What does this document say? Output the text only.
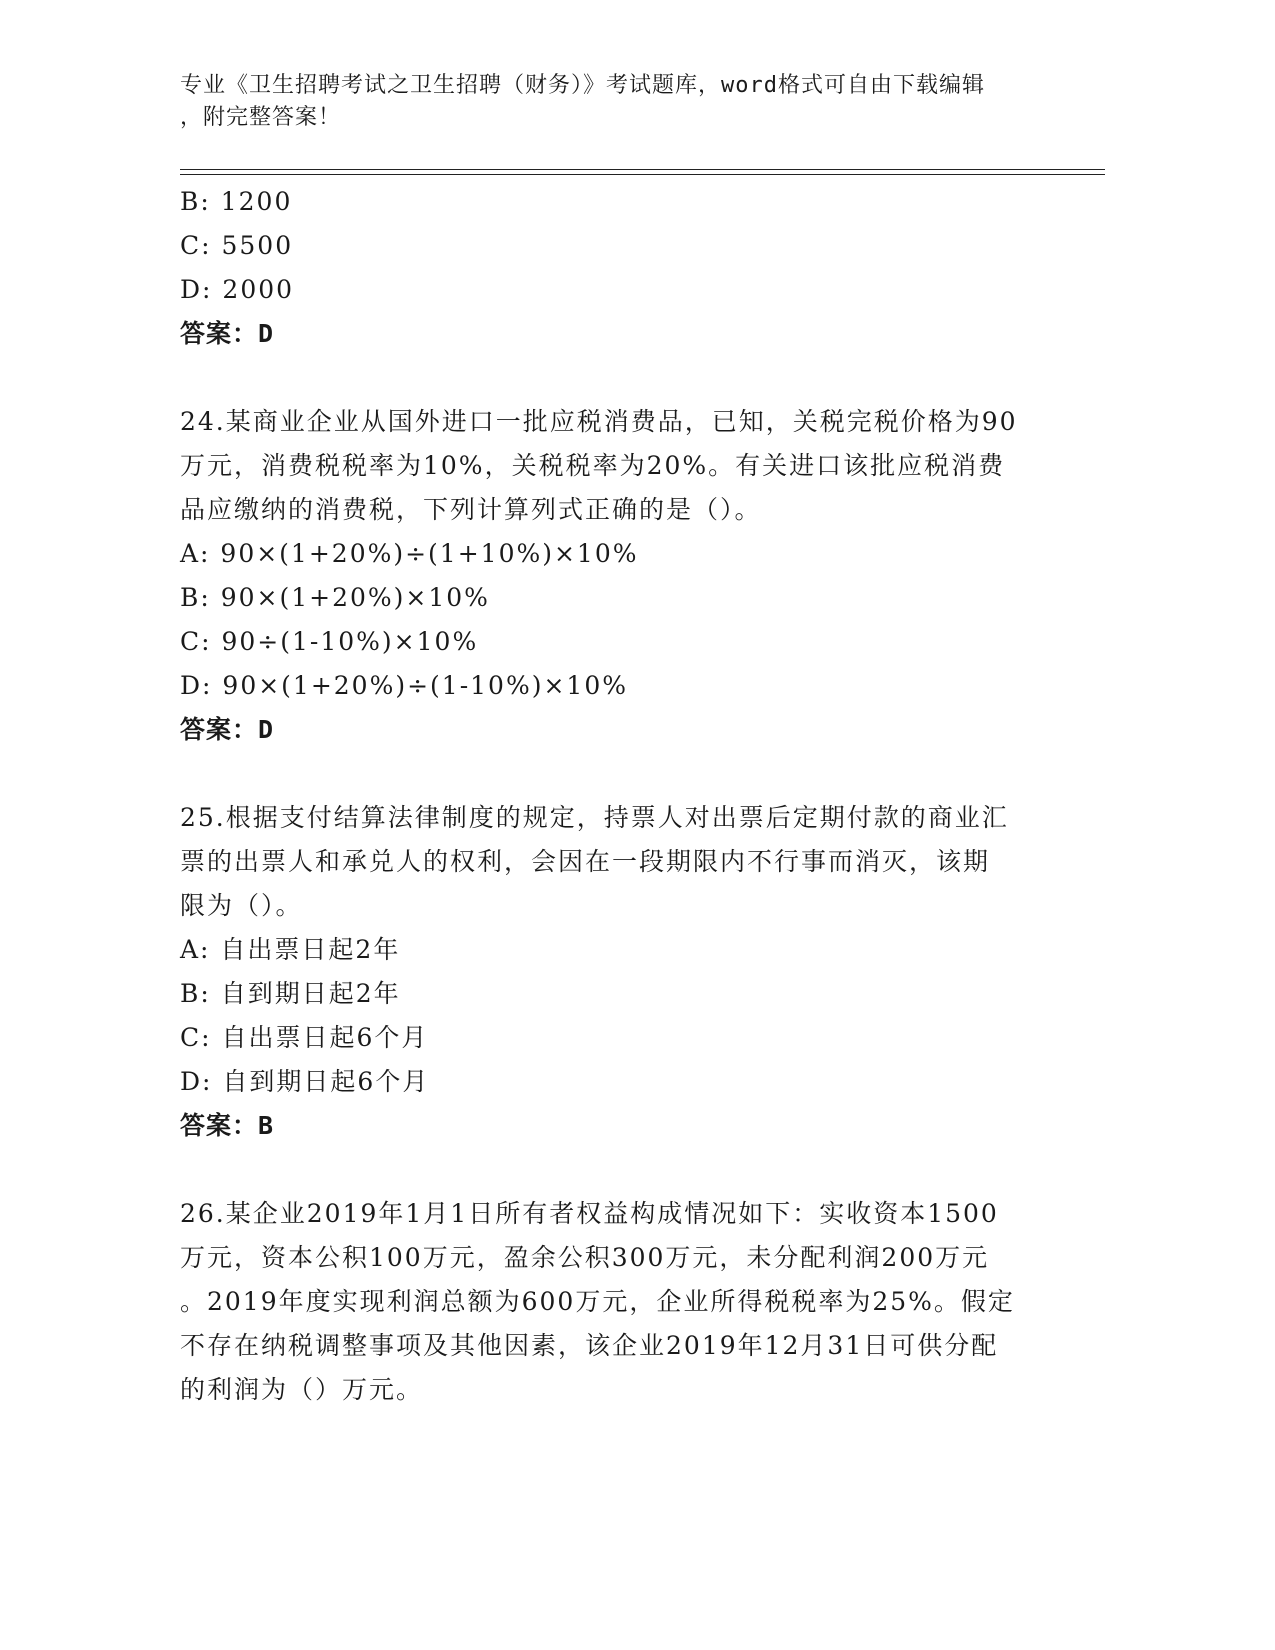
专业《卫生招聘考试之卫生招聘（财务）》考试题库，word格式可自由下载编辑
，附完整答案！
B: 1200
C: 5500
D: 2000
答案：D
24.某商业企业从国外进口一批应税消费品，已知，关税完税价格为90
万元，消费税税率为10%，关税税率为20%。有关进口该批应税消费
品应缴纳的消费税，下列计算列式正确的是（）。
A: 90×(1+20%)÷(1+10%)×10%
B: 90×(1+20%)×10%
C: 90÷(1-10%)×10%
D: 90×(1+20%)÷(1-10%)×10%
答案：D
25.根据支付结算法律制度的规定，持票人对出票后定期付款的商业汇
票的出票人和承兑人的权利，会因在一段期限内不行事而消灭，该期
限为（）。
A: 自出票日起2年
B: 自到期日起2年
C: 自出票日起6个月
D: 自到期日起6个月
答案：B
26.某企业2019年1月1日所有者权益构成情况如下：实收资本1500
万元，资本公积100万元，盈余公积300万元，未分配利润200万元
。2019年度实现利润总额为600万元，企业所得税税率为25%。假定
不存在纳税调整事项及其他因素，该企业2019年12月31日可供分配
的利润为（）万元。
